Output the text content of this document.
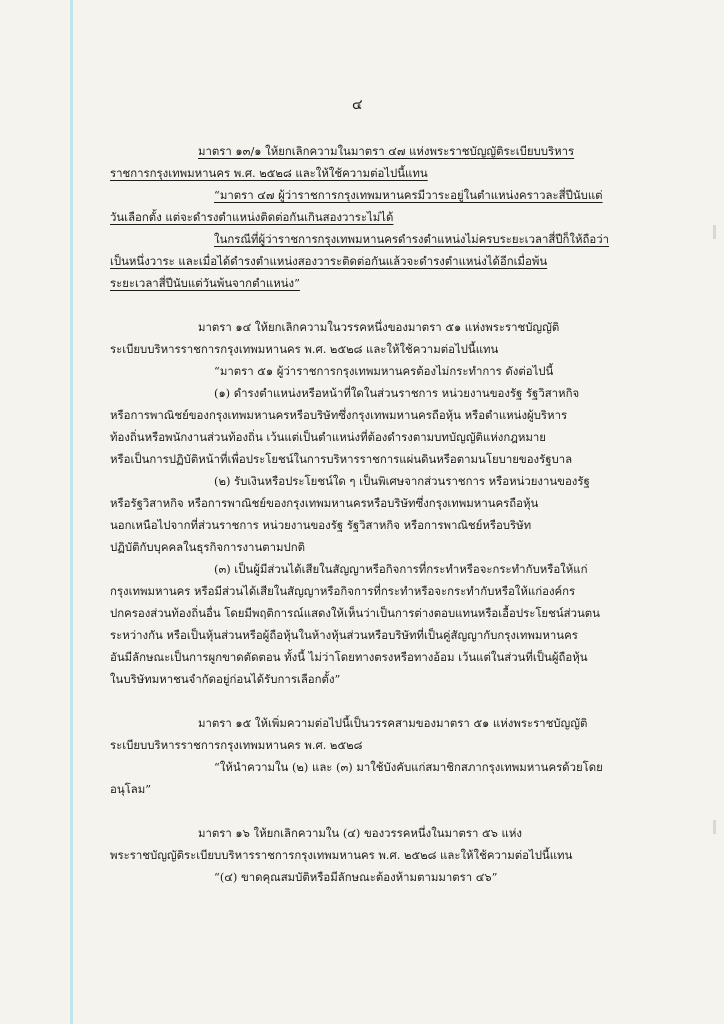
๔
มาตรา ๑๓/๑ ให้ยกเลิกความในมาตรา ๔๗ แห่งพระราชบัญญัติระเบียบบริหาร
ราชการกรุงเทพมหานคร พ.ศ. ๒๕๒๘ และให้ใช้ความต่อไปนี้แทน
“มาตรา ๔๗ ผู้ว่าราชการกรุงเทพมหานครมีวาระอยู่ในตำแหน่งคราวละสี่ปีนับแต่
วันเลือกตั้ง แต่จะดำรงตำแหน่งติดต่อกันเกินสองวาระไม่ได้
ในกรณีที่ผู้ว่าราชการกรุงเทพมหานครดำรงตำแหน่งไม่ครบระยะเวลาสี่ปีก็ให้ถือว่า
เป็นหนึ่งวาระ และเมื่อได้ดำรงตำแหน่งสองวาระติดต่อกันแล้วจะดำรงตำแหน่งได้อีกเมื่อพ้น
ระยะเวลาสี่ปีนับแต่วันพ้นจากตำแหน่ง”
มาตรา ๑๔ ให้ยกเลิกความในวรรคหนึ่งของมาตรา ๕๑ แห่งพระราชบัญญัติ
ระเบียบบริหารราชการกรุงเทพมหานคร พ.ศ. ๒๕๒๘ และให้ใช้ความต่อไปนี้แทน
“มาตรา ๕๑ ผู้ว่าราชการกรุงเทพมหานครต้องไม่กระทำการ ดังต่อไปนี้
(๑) ดำรงตำแหน่งหรือหน้าที่ใดในส่วนราชการ หน่วยงานของรัฐ รัฐวิสาหกิจ
หรือการพาณิชย์ของกรุงเทพมหานครหรือบริษัทซึ่งกรุงเทพมหานครถือหุ้น หรือตำแหน่งผู้บริหาร
ท้องถิ่นหรือพนักงานส่วนท้องถิ่น เว้นแต่เป็นตำแหน่งที่ต้องดำรงตามบทบัญญัติแห่งกฎหมาย
หรือเป็นการปฏิบัติหน้าที่เพื่อประโยชน์ในการบริหารราชการแผ่นดินหรือตามนโยบายของรัฐบาล
(๒) รับเงินหรือประโยชน์ใด ๆ เป็นพิเศษจากส่วนราชการ หรือหน่วยงานของรัฐ
หรือรัฐวิสาหกิจ หรือการพาณิชย์ของกรุงเทพมหานครหรือบริษัทซึ่งกรุงเทพมหานครถือหุ้น
นอกเหนือไปจากที่ส่วนราชการ หน่วยงานของรัฐ รัฐวิสาหกิจ หรือการพาณิชย์หรือบริษัท
ปฏิบัติกับบุคคลในธุรกิจการงานตามปกติ
(๓) เป็นผู้มีส่วนได้เสียในสัญญาหรือกิจการที่กระทำหรือจะกระทำกับหรือให้แก่
กรุงเทพมหานคร หรือมีส่วนได้เสียในสัญญาหรือกิจการที่กระทำหรือจะกระทำกับหรือให้แก่องค์กร
ปกครองส่วนท้องถิ่นอื่น โดยมีพฤติการณ์แสดงให้เห็นว่าเป็นการต่างตอบแทนหรือเอื้อประโยชน์ส่วนตน
ระหว่างกัน หรือเป็นหุ้นส่วนหรือผู้ถือหุ้นในห้างหุ้นส่วนหรือบริษัทที่เป็นคู่สัญญากับกรุงเทพมหานคร
อันมีลักษณะเป็นการผูกขาดตัดตอน ทั้งนี้ ไม่ว่าโดยทางตรงหรือทางอ้อม เว้นแต่ในส่วนที่เป็นผู้ถือหุ้น
ในบริษัทมหาชนจำกัดอยู่ก่อนได้รับการเลือกตั้ง”
มาตรา ๑๕ ให้เพิ่มความต่อไปนี้เป็นวรรคสามของมาตรา ๕๑ แห่งพระราชบัญญัติ
ระเบียบบริหารราชการกรุงเทพมหานคร พ.ศ. ๒๕๒๘
“ให้นำความใน (๒) และ (๓) มาใช้บังคับแก่สมาชิกสภากรุงเทพมหานครด้วยโดย
อนุโลม”
มาตรา ๑๖ ให้ยกเลิกความใน (๔) ของวรรคหนึ่งในมาตรา ๕๖ แห่ง
พระราชบัญญัติระเบียบบริหารราชการกรุงเทพมหานคร พ.ศ. ๒๕๒๘ และให้ใช้ความต่อไปนี้แทน
“(๔) ขาดคุณสมบัติหรือมีลักษณะต้องห้ามตามมาตรา ๔๖”
